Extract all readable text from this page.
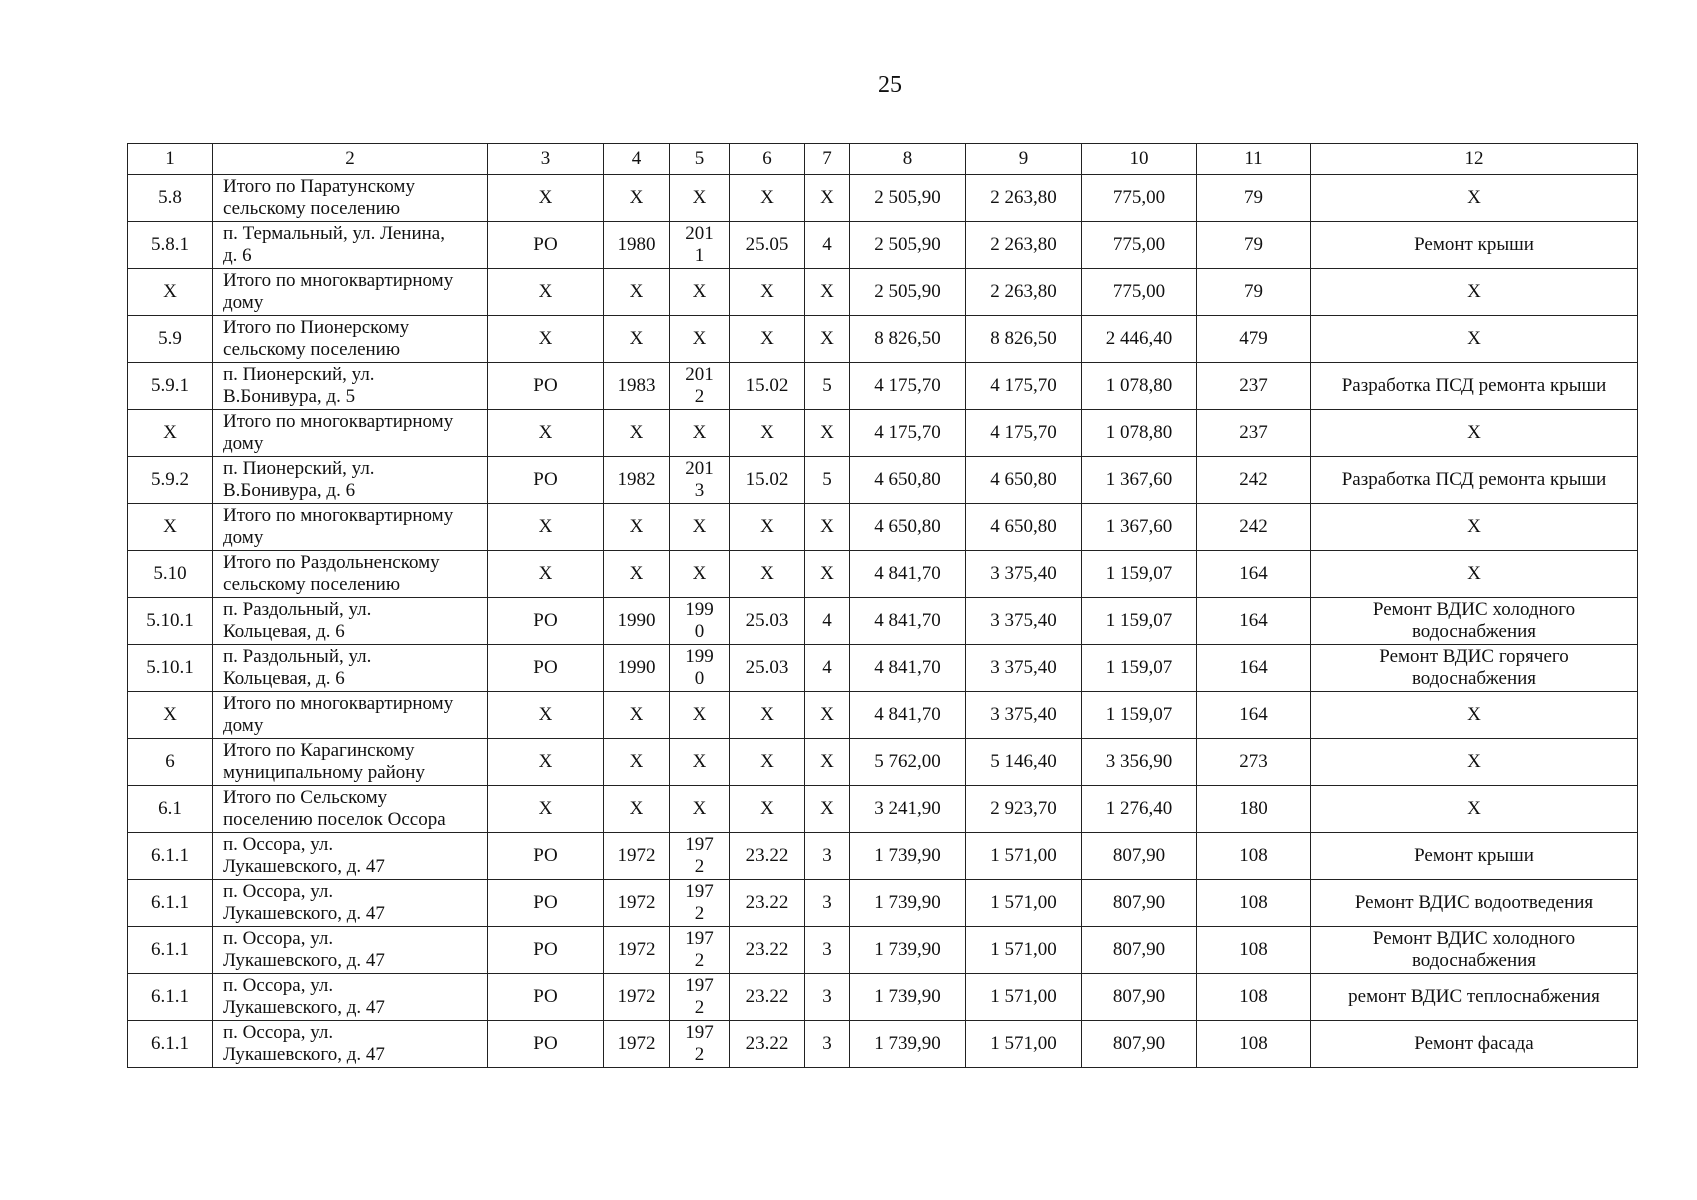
25
1	2	3	4	5	6	7	8	9	10	11	12
5.8	Итого по Паратунскому
сельскому поселению	X	X	X	X	X	2 505,90	2 263,80	775,00	79	X

5.8.1	п. Термальный, ул. Ленина,
д. 6	РО	1980	201
1	25.05	4	2 505,90	2 263,80	775,00	79	Ремонт крыши

X	Итого по многоквартирному
дому	X	X	X	X	X	2 505,90	2 263,80	775,00	79	X

5.9	Итого по Пионерскому
сельскому поселению	X	X	X	X	X	8 826,50	8 826,50	2 446,40	479	X

5.9.1	п. Пионерский, ул.
В.Бонивура, д. 5	РО	1983	201
2	15.02	5	4 175,70	4 175,70	1 078,80	237	Разработка ПСД ремонта крыши

X	Итого по многоквартирному
дому	X	X	X	X	X	4 175,70	4 175,70	1 078,80	237	X

5.9.2	п. Пионерский, ул.
В.Бонивура, д. 6	РО	1982	201
3	15.02	5	4 650,80	4 650,80	1 367,60	242	Разработка ПСД ремонта крыши

X	Итого по многоквартирному
дому	X	X	X	X	X	4 650,80	4 650,80	1 367,60	242	X

5.10	Итого по Раздольненскому
сельскому поселению	X	X	X	X	X	4 841,70	3 375,40	1 159,07	164	X

5.10.1	п. Раздольный, ул.
Кольцевая, д. 6	РО	1990	199
0	25.03	4	4 841,70	3 375,40	1 159,07	164	Ремонт ВДИС холодного
водоснабжения

5.10.1	п. Раздольный, ул.
Кольцевая, д. 6	РО	1990	199
0	25.03	4	4 841,70	3 375,40	1 159,07	164	Ремонт ВДИС горячего
водоснабжения

X	Итого по многоквартирному
дому	X	X	X	X	X	4 841,70	3 375,40	1 159,07	164	X

6	Итого по Карагинскому
муниципальному району	X	X	X	X	X	5 762,00	5 146,40	3 356,90	273	X

6.1	Итого по Сельскому
поселению поселок Оссора	X	X	X	X	X	3 241,90	2 923,70	1 276,40	180	X

6.1.1	п. Оссора, ул.
Лукашевского, д. 47	РО	1972	197
2	23.22	3	1 739,90	1 571,00	807,90	108	Ремонт крыши

6.1.1	п. Оссора, ул.
Лукашевского, д. 47	РО	1972	197
2	23.22	3	1 739,90	1 571,00	807,90	108	Ремонт ВДИС водоотведения

6.1.1	п. Оссора, ул.
Лукашевского, д. 47	РО	1972	197
2	23.22	3	1 739,90	1 571,00	807,90	108	Ремонт ВДИС холодного
водоснабжения

6.1.1	п. Оссора, ул.
Лукашевского, д. 47	РО	1972	197
2	23.22	3	1 739,90	1 571,00	807,90	108	ремонт ВДИС теплоснабжения

6.1.1	п. Оссора, ул.
Лукашевского, д. 47	РО	1972	197
2	23.22	3	1 739,90	1 571,00	807,90	108	Ремонт фасада
